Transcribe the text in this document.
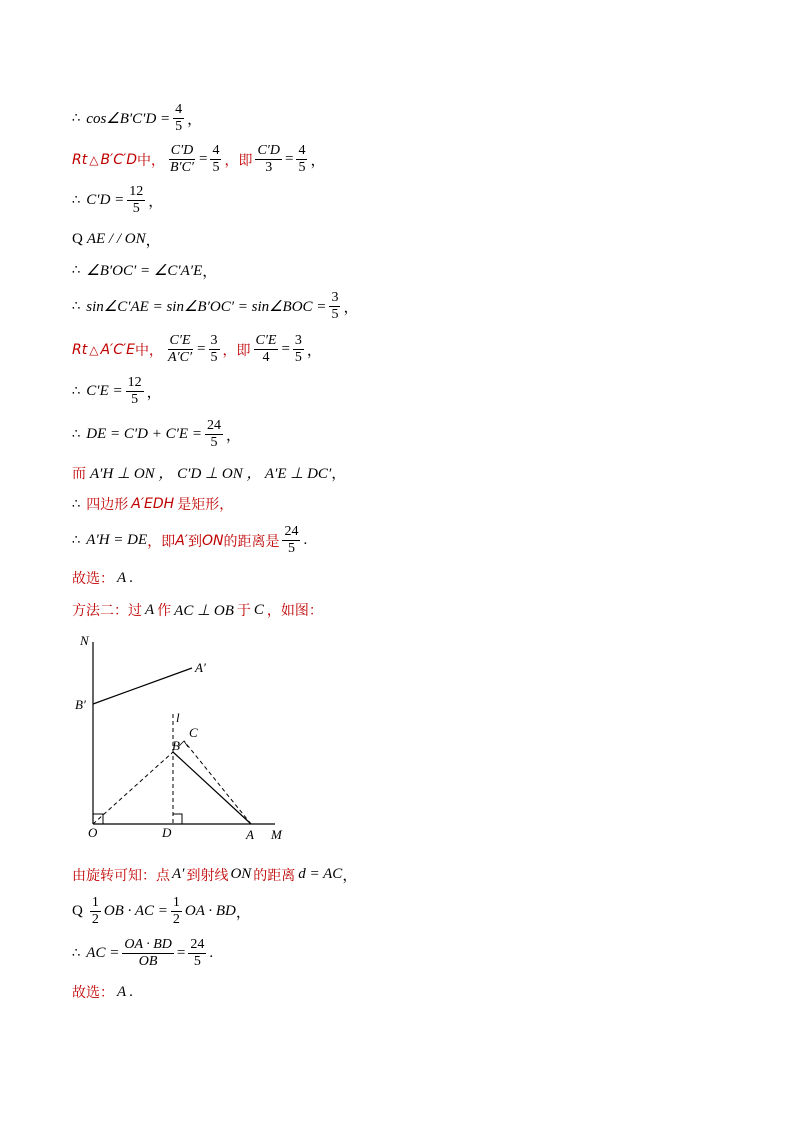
∴ cos∠B′C′D = $\frac{4}{5}$ ，
Rt △ B′C′D 中， $\frac{C'D}{B'C'} = \frac{4}{5}$ ，即 $\frac{C'D}{3} = \frac{4}{5}$ ，
∴ $C'D = \frac{12}{5}$ ，
Q AE / / ON ，
∴ ∠B′OC′ = ∠C′A′E ，
∴ sin∠C′AE = sin∠B′OC′ = sin∠BOC = $\frac{3}{5}$ ，
Rt △ A′C′E 中， $\frac{C'E}{A'C'} = \frac{3}{5}$ ，即 $\frac{C'E}{4} = \frac{3}{5}$ ，
∴ $C'E = \frac{12}{5}$ ，
∴ DE = $C'D + C'E = \frac{24}{5}$ ，
而 A′H ⊥ ON ， C′D ⊥ ON ， A′E ⊥ DC′ ，
∴ 四边形 A′EDH 是矩形，
∴ A′H = DE ，即 A′ 到 ON 的距离是 $\frac{24}{5}$ .
故选： A .
方法二：过 A 作 AC ⊥ OB 于 C ，如图：
N
A′
B′
l
C
B
O	D	A M
由旋转可知：点 A′ 到射线 ON 的距离 d = AC ，
Q $\frac{1}{2}$ OB · AC = $\frac{1}{2}$ OA · BD ，
∴ AC = $\frac{OA \cdot BD}{OB} = \frac{24}{5}$ .
故选： A .
